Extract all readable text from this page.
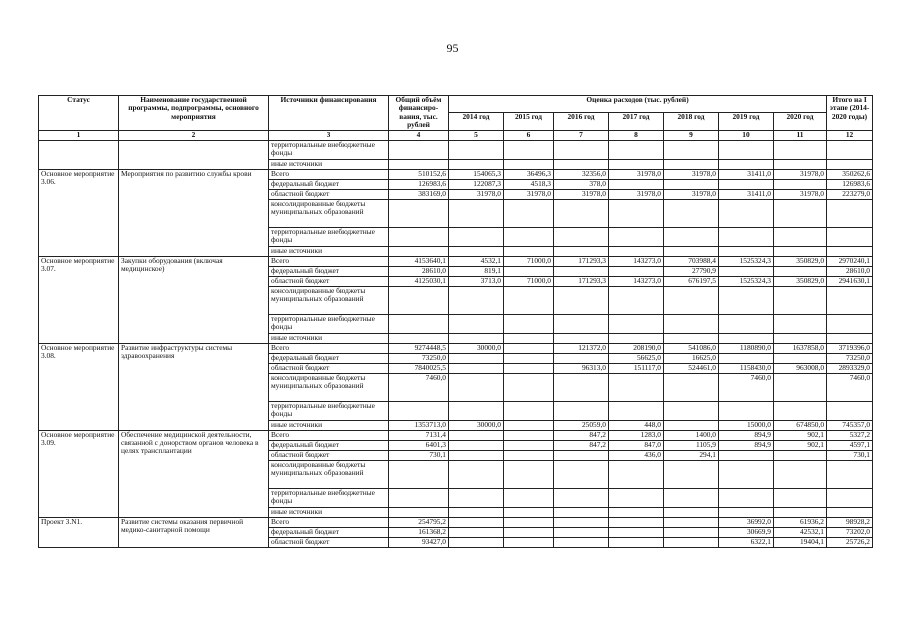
95
Статус	Наименование государственной программы, подпрограммы, основного мероприятия	Источники финансирования	Общий объём финансиро-вания, тыс. рублей	Оценка расходов (тыс. рублей)							Итого на I этапе (2014-2020 годы)
				2014 год	2015 год	2016 год	2017 год	2018 год	2019 год	2020 год	
1	2	3	4	5	6	7	8	9	10	11	12
		территориальные внебюджетные фонды									
		иные источники									
Основное мероприятие 3.06.	Мероприятия по развитию службы крови	Всего	510152,6	154065,3	36496,3	32356,0	31978,0	31978,0	31411,0	31978,0	350262,6
		федеральный бюджет	126983,6	122087,3	4518,3	378,0					126983,6
		областной бюджет	383169,0	31978,0	31978,0	31978,0	31978,0	31978,0	31411,0	31978,0	223279,0
		консолидированные бюджеты муниципальных образований									
		территориальные внебюджетные фонды									
		иные источники									
Основное мероприятие 3.07.	Закупки оборудования (включая медицинское)	Всего	4153640,1	4532,1	71000,0	171293,3	143273,0	703988,4	1525324,3	350829,0	2970240,1
		федеральный бюджет	28610,0	819,1				27790,9			28610,0
		областной бюджет	4125030,1	3713,0	71000,0	171293,3	143273,0	676197,5	1525324,3	350829,0	2941630,1
		консолидированные бюджеты муниципальных образований									
		территориальные внебюджетные фонды									
		иные источники									
Основное мероприятие 3.08.	Развитие инфраструктуры системы здравоохранения	Всего	9274448,5	30000,0		121372,0	208190,0	541086,0	1180890,0	1637858,0	3719396,0
		федеральный бюджет	73250,0				56625,0	16625,0			73250,0
		областной бюджет	7840025,5			96313,0	151117,0	524461,0	1158430,0	963008,0	2893329,0
		консолидированные бюджеты муниципальных образований	7460,0						7460,0		7460,0
		территориальные внебюджетные фонды									
		иные источники	1353713,0	30000,0		25059,0	448,0		15000,0	674850,0	745357,0
Основное мероприятие 3.09.	Обеспечение медицинской деятельности, связанной с донорством органов человека в целях трансплантации	Всего	7131,4			847,2	1283,0	1400,0	894,9	902,1	5327,2
		федеральный бюджет	6401,3			847,2	847,0	1105,9	894,9	902,1	4597,1
		областной бюджет	730,1				436,0	294,1			730,1
		консолидированные бюджеты муниципальных образований									
		территориальные внебюджетные фонды									
		иные источники									
Проект 3.N1.	Развитие системы оказания первичной медико-санитарной помощи	Всего	254795,2						36992,0	61936,2	98928,2
		федеральный бюджет	161368,2						30669,9	42532,1	73202,0
		областной бюджет	93427,0						6322,1	19404,1	25726,2
